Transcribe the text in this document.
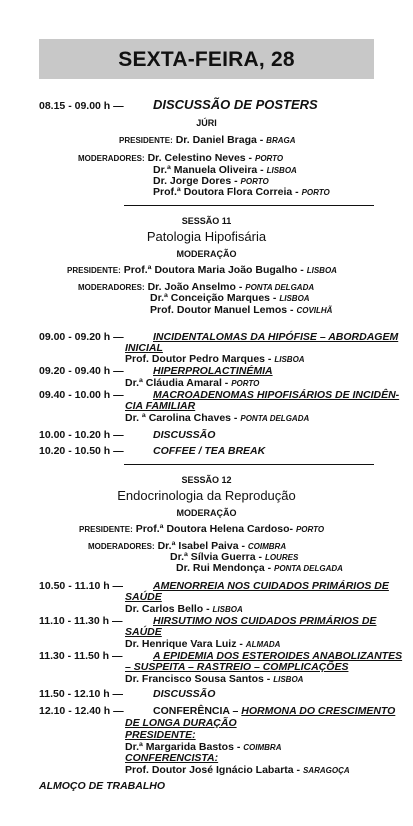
SEXTA-FEIRA, 28
08.15 - 09.00 h — DISCUSSÃO DE POSTERS
JÚRI
PRESIDENTE: Dr. Daniel Braga - BRAGA
MODERADORES: Dr. Celestino Neves - PORTO
Dr.ª Manuela Oliveira - LISBOA
Dr. Jorge Dores - PORTO
Prof.ª Doutora Flora Correia - PORTO
SESSÃO 11
Patologia Hipofisária
MODERAÇÃO
PRESIDENTE: Prof.ª Doutora Maria João Bugalho - LISBOA
MODERADORES: Dr. João Anselmo - PONTA DELGADA
Dr.ª Conceição Marques - LISBOA
Prof. Doutor Manuel Lemos - COVILHÃ
09.00 - 09.20 h —	INCIDENTALOMAS DA HIPÓFISE – ABORDAGEM
INICIAL
Prof. Doutor Pedro Marques - LISBOA
09.20 - 09.40 h —	HIPERPROLACTINÉMIA
Dr.ª Cláudia Amaral - PORTO
09.40 - 10.00 h —	MACROADENOMAS HIPOFISÁRIOS DE INCIDÊN-
CIA FAMILIAR
Dr. ª Carolina Chaves - PONTA DELGADA
10.00 - 10.20 h —	DISCUSSÃO
10.20 - 10.50 h —	COFFEE / TEA BREAK
SESSÃO 12
Endocrinologia da Reprodução
MODERAÇÃO
PRESIDENTE: Prof.ª Doutora Helena Cardoso- PORTO
MODERADORES: Dr.ª Isabel Paiva - COIMBRA
Dr.ª Sílvia Guerra - LOURES
Dr. Rui Mendonça - PONTA DELGADA
10.50 - 11.10 h —	AMENORREIA NOS CUIDADOS PRIMÁRIOS DE
SAÚDE
Dr. Carlos Bello - LISBOA
11.10 - 11.30 h —	HIRSUTIMO NOS CUIDADOS PRIMÁRIOS DE
SAÚDE
Dr. Henrique Vara Luiz - ALMADA
11.30 - 11.50 h —	A EPIDEMIA DOS ESTEROIDES ANABOLIZANTES
– SUSPEITA – RASTREIO – COMPLICAÇÕES
Dr. Francisco Sousa Santos - LISBOA
11.50 - 12.10 h —	DISCUSSÃO
12.10 - 12.40 h —	CONFERÊNCIA – HORMONA DO CRESCIMENTO
DE LONGA DURAÇÃO
PRESIDENTE:
Dr.ª Margarida Bastos - COIMBRA
CONFERENCISTA:
Prof. Doutor José Ignácio Labarta - SARAGOÇA
ALMOÇO DE TRABALHO
